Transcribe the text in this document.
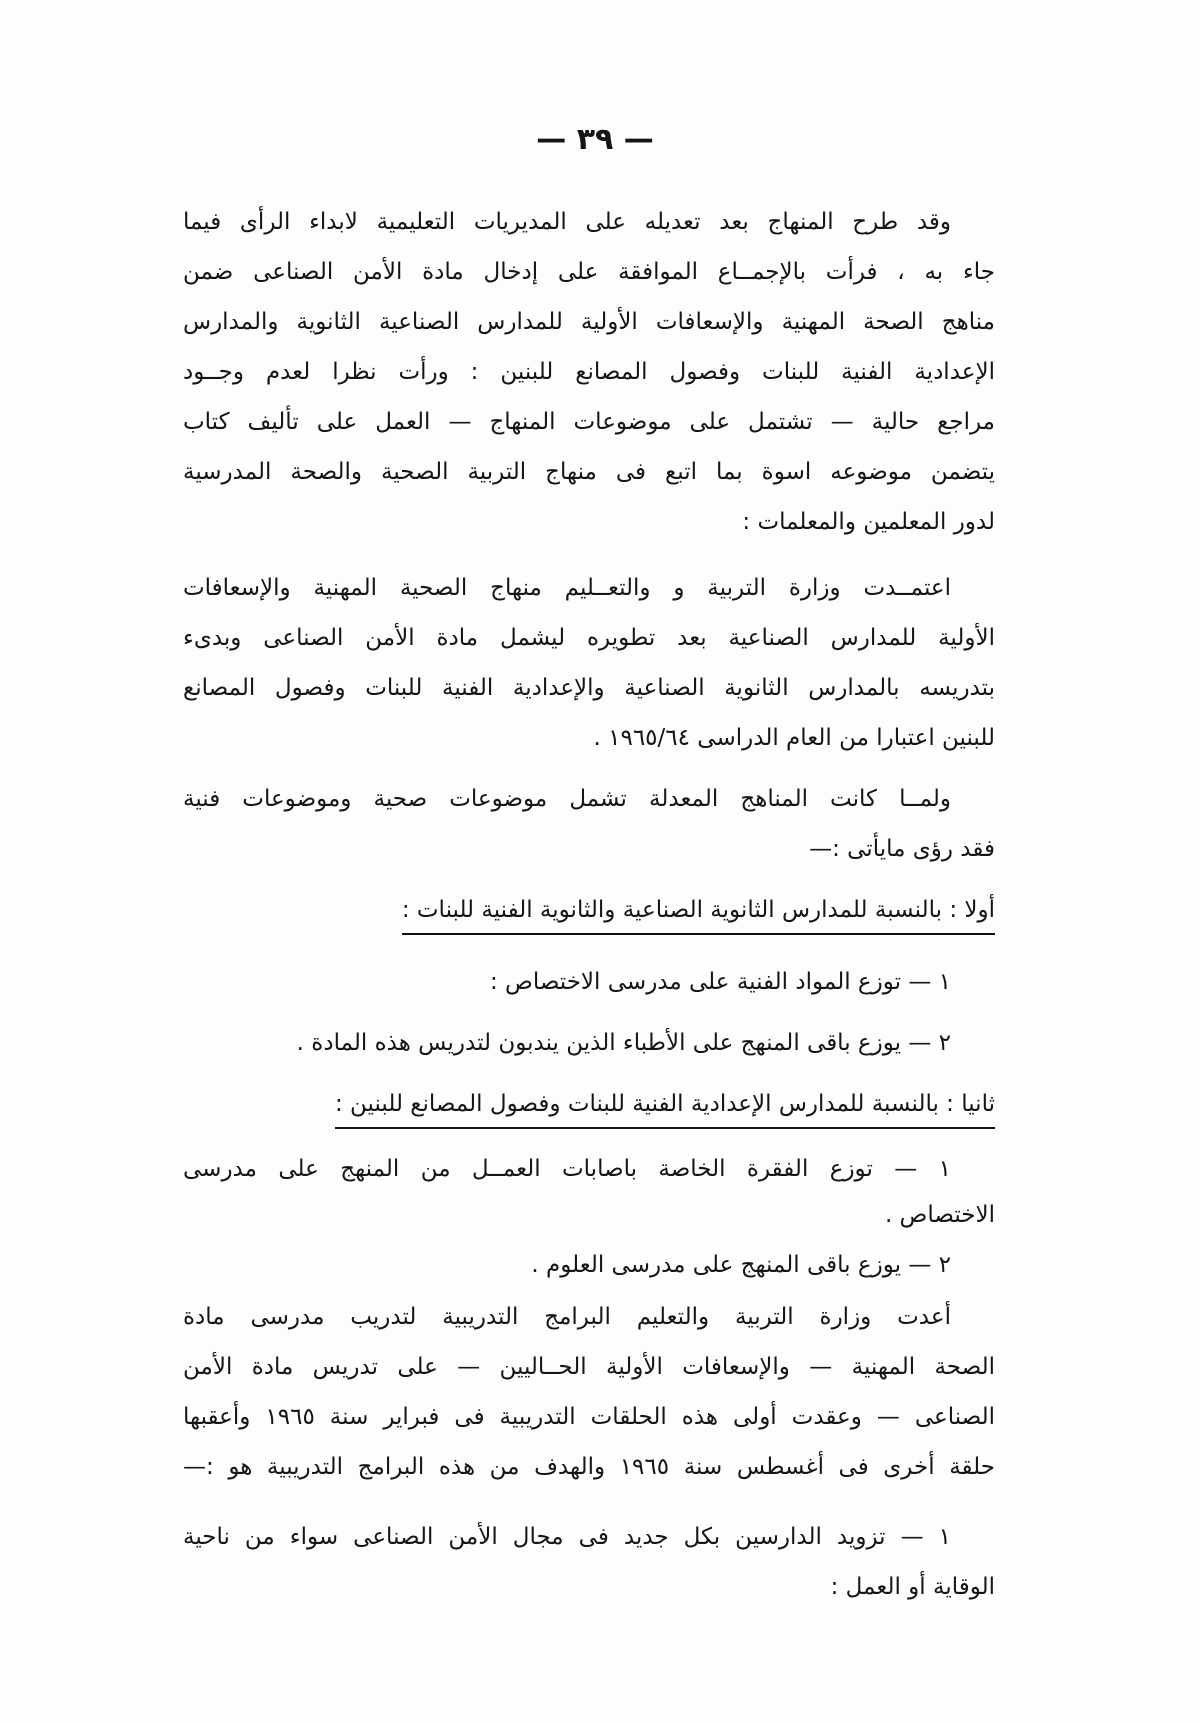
— ٣٩ —
وقد طرح المنهاج بعد تعديله على المديريات التعليمية لابداء الرأى فيما
جاء به ، فرأت بالإجمــاع الموافقة على إدخال مادة الأمن الصناعى ضمن
مناهج الصحة المهنية والإسعافات الأولية للمدارس الصناعية الثانوية والمدارس
الإعدادية الفنية للبنات وفصول المصانع للبنين : ورأت نظرا لعدم وجــود
مراجع حالية — تشتمل على موضوعات المنهاج — العمل على تأليف كتاب
يتضمن موضوعه اسوة بما اتبع فى منهاج التربية الصحية والصحة المدرسية
لدور المعلمين والمعلمات :
اعتمــدت وزارة التربية و والتعــليم منهاج الصحية المهنية والإسعافات
الأولية للمدارس الصناعية بعد تطويره ليشمل مادة الأمن الصناعى وبدىء
بتدريسه بالمدارس الثانوية الصناعية والإعدادية الفنية للبنات وفصول المصانع
للبنين اعتبارا من العام الدراسى ١٩٦٥/٦٤ .
ولمــا كانت المناهج المعدلة تشمل موضوعات صحية وموضوعات فنية
فقد رؤى مايأتى :—
أولا : بالنسبة للمدارس الثانوية الصناعية والثانوية الفنية للبنات :
١ — توزع المواد الفنية على مدرسى الاختصاص :
٢ — يوزع باقى المنهج على الأطباء الذين يندبون لتدريس هذه المادة .
ثانيا : بالنسبة للمدارس الإعدادية الفنية للبنات وفصول المصانع للبنين :
١ — توزع الفقرة الخاصة باصابات العمــل من المنهج على مدرسى
الاختصاص .
٢ — يوزع باقى المنهج على مدرسى العلوم .
أعدت وزارة التربية والتعليم البرامج التدريبية لتدريب مدرسى مادة
الصحة المهنية — والإسعافات الأولية الحــاليين — على تدريس مادة الأمن
الصناعى — وعقدت أولى هذه الحلقات التدريبية فى فبراير سنة ١٩٦٥ وأعقبها
حلقة أخرى فى أغسطس سنة ١٩٦٥ والهدف من هذه البرامج التدريبية هو :—
١ — تزويد الدارسين بكل جديد فى مجال الأمن الصناعى سواء من ناحية
الوقاية أو العمل :
